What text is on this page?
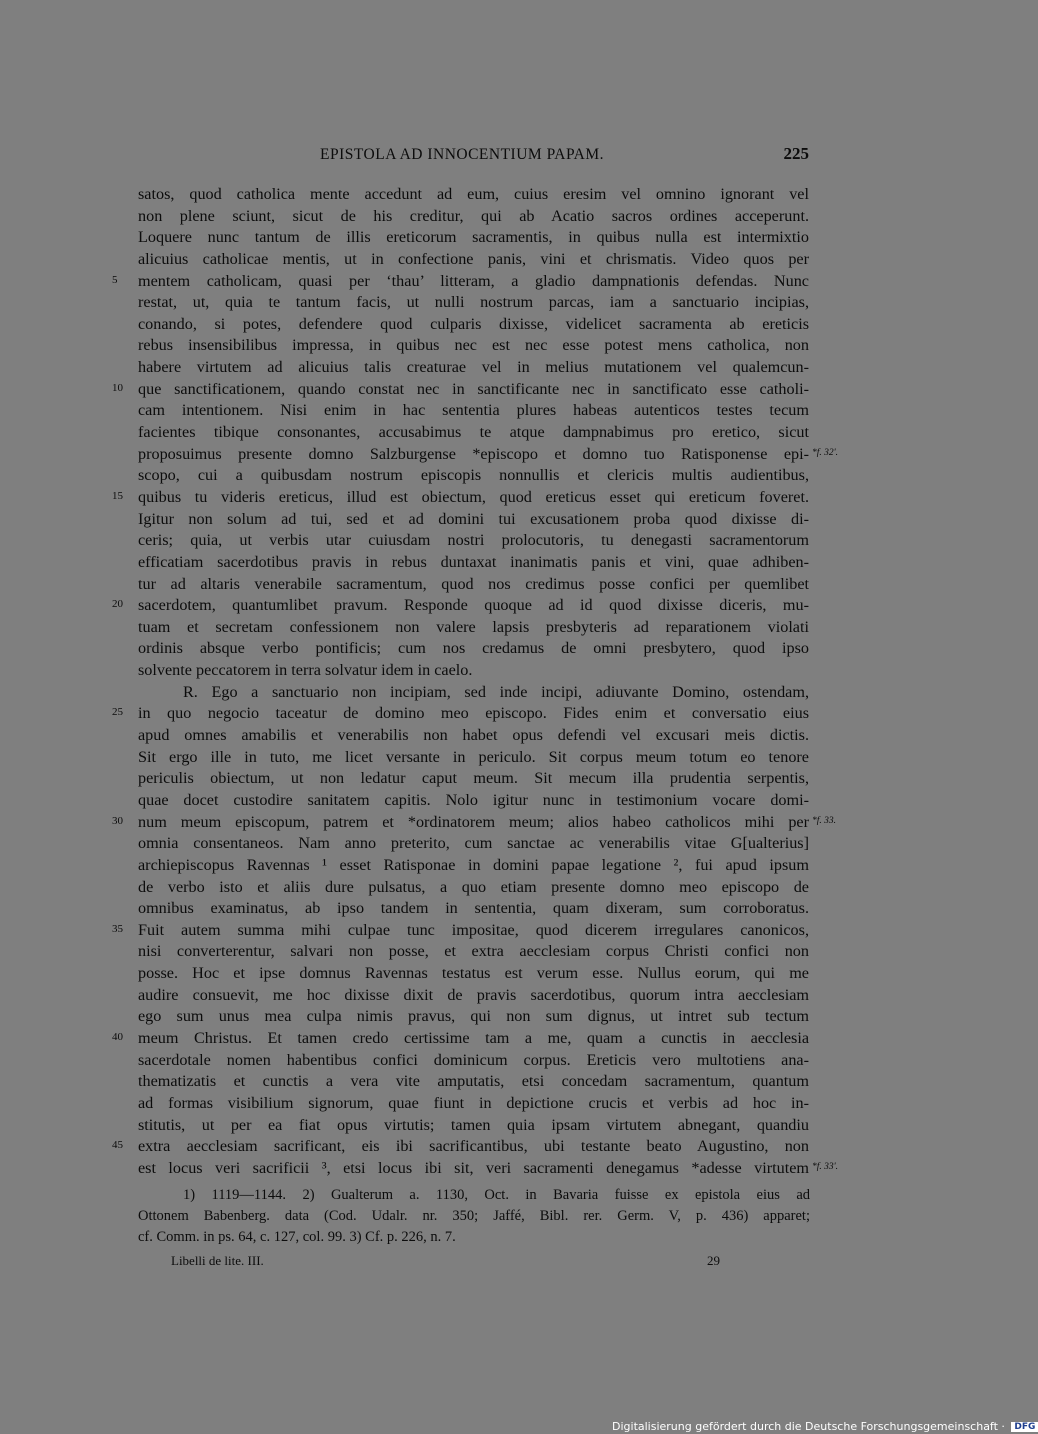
EPISTOLA AD INNOCENTIUM PAPAM.	225
satos, quod catholica mente accedunt ad eum, cuius eresim vel omnino ignorant vel
non plene sciunt, sicut de his creditur, qui ab Acatio sacros ordines acceperunt.
Loquere nunc tantum de illis ereticorum sacramentis, in quibus nulla est intermixtio
alicuius catholicae mentis, ut in confectione panis, vini et chrismatis. Video quos per
mentem catholicam, quasi per ‘thau’ litteram, a gladio dampnationis defendas. Nunc
5
restat, ut, quia te tantum facis, ut nulli nostrum parcas, iam a sanctuario incipias,
conando, si potes, defendere quod culparis dixisse, videlicet sacramenta ab ereticis
rebus insensibilibus impressa, in quibus nec est nec esse potest mens catholica, non
habere virtutem ad alicuius talis creaturae vel in melius mutationem vel qualemcun-
que sanctificationem, quando constat nec in sanctificante nec in sanctificato esse catholi-
10
cam intentionem. Nisi enim in hac sententia plures habeas autenticos testes tecum
facientes tibique consonantes, accusabimus te atque dampnabimus pro eretico, sicut
proposuimus presente domno Salzburgense *episcopo et domno tuo Ratisponense epi- *f. 32'.
scopo, cui a quibusdam nostrum episcopis nonnullis et clericis multis audientibus,
quibus tu videris ereticus, illud est obiectum, quod ereticus esset qui ereticum foveret.
15
Igitur non solum ad tui, sed et ad domini tui excusationem proba quod dixisse di-
ceris; quia, ut verbis utar cuiusdam nostri prolocutoris, tu denegasti sacramentorum
efficatiam sacerdotibus pravis in rebus duntaxat inanimatis panis et vini, quae adhiben-
tur ad altaris venerabile sacramentum, quod nos credimus posse confici per quemlibet
sacerdotem, quantumlibet pravum. Responde quoque ad id quod dixisse diceris, mu-
20
tuam et secretam confessionem non valere lapsis presbyteris ad reparationem violati
ordinis absque verbo pontificis; cum nos credamus de omni presbytero, quod ipso
solvente peccatorem in terra solvatur idem in caelo.
R. Ego a sanctuario non incipiam, sed inde incipi, adiuvante Domino, ostendam,
in quo negocio taceatur de domino meo episcopo. Fides enim et conversatio eius
25
apud omnes amabilis et venerabilis non habet opus defendi vel excusari meis dictis.
Sit ergo ille in tuto, me licet versante in periculo. Sit corpus meum totum eo tenore
periculis obiectum, ut non ledatur caput meum. Sit mecum illa prudentia serpentis,
quae docet custodire sanitatem capitis. Nolo igitur nunc in testimonium vocare domi-
num meum episcopum, patrem et *ordinatorem meum; alios habeo catholicos mihi per
30	*f. 33.
omnia consentaneos. Nam anno preterito, cum sanctae ac venerabilis vitae G[ualterius]
archiepiscopus Ravennas ¹ esset Ratisponae in domini papae legatione ², fui apud ipsum
de verbo isto et aliis dure pulsatus, a quo etiam presente domno meo episcopo de
omnibus examinatus, ab ipso tandem in sententia, quam dixeram, sum corroboratus.
Fuit autem summa mihi culpae tunc impositae, quod dicerem irregulares canonicos,
35
nisi converterentur, salvari non posse, et extra aecclesiam corpus Christi confici non
posse. Hoc et ipse domnus Ravennas testatus est verum esse. Nullus eorum, qui me
audire consuevit, me hoc dixisse dixit de pravis sacerdotibus, quorum intra aecclesiam
ego sum unus mea culpa nimis pravus, qui non sum dignus, ut intret sub tectum
meum Christus. Et tamen credo certissime tam a me, quam a cunctis in aecclesia
40
sacerdotale nomen habentibus confici dominicum corpus. Ereticis vero multotiens ana-
thematizatis et cunctis a vera vite amputatis, etsi concedam sacramentum, quantum
ad formas visibilium signorum, quae fiunt in depictione crucis et verbis ad hoc in-
stitutis, ut per ea fiat opus virtutis; tamen quia ipsam virtutem abnegant, quandiu
extra aecclesiam sacrificant, eis ibi sacrificantibus, ubi testante beato Augustino, non
45
est locus veri sacrificii ³, etsi locus ibi sit, veri sacramenti denegamus *adesse virtutem *f. 33'.
1) 1119—1144. 2) Gualterum a. 1130, Oct. in Bavaria fuisse ex epistola eius ad
Ottonem Babenberg. data (Cod. Udalr. nr. 350; Jaffé, Bibl. rer. Germ. V, p. 436) apparet;
cf. Comm. in ps. 64, c. 127, col. 99. 3) Cf. p. 226, n. 7.
Libelli de lite. III.	29
Digitalisierung gefördert durch die Deutsche Forschungsgemeinschaft · DFG
